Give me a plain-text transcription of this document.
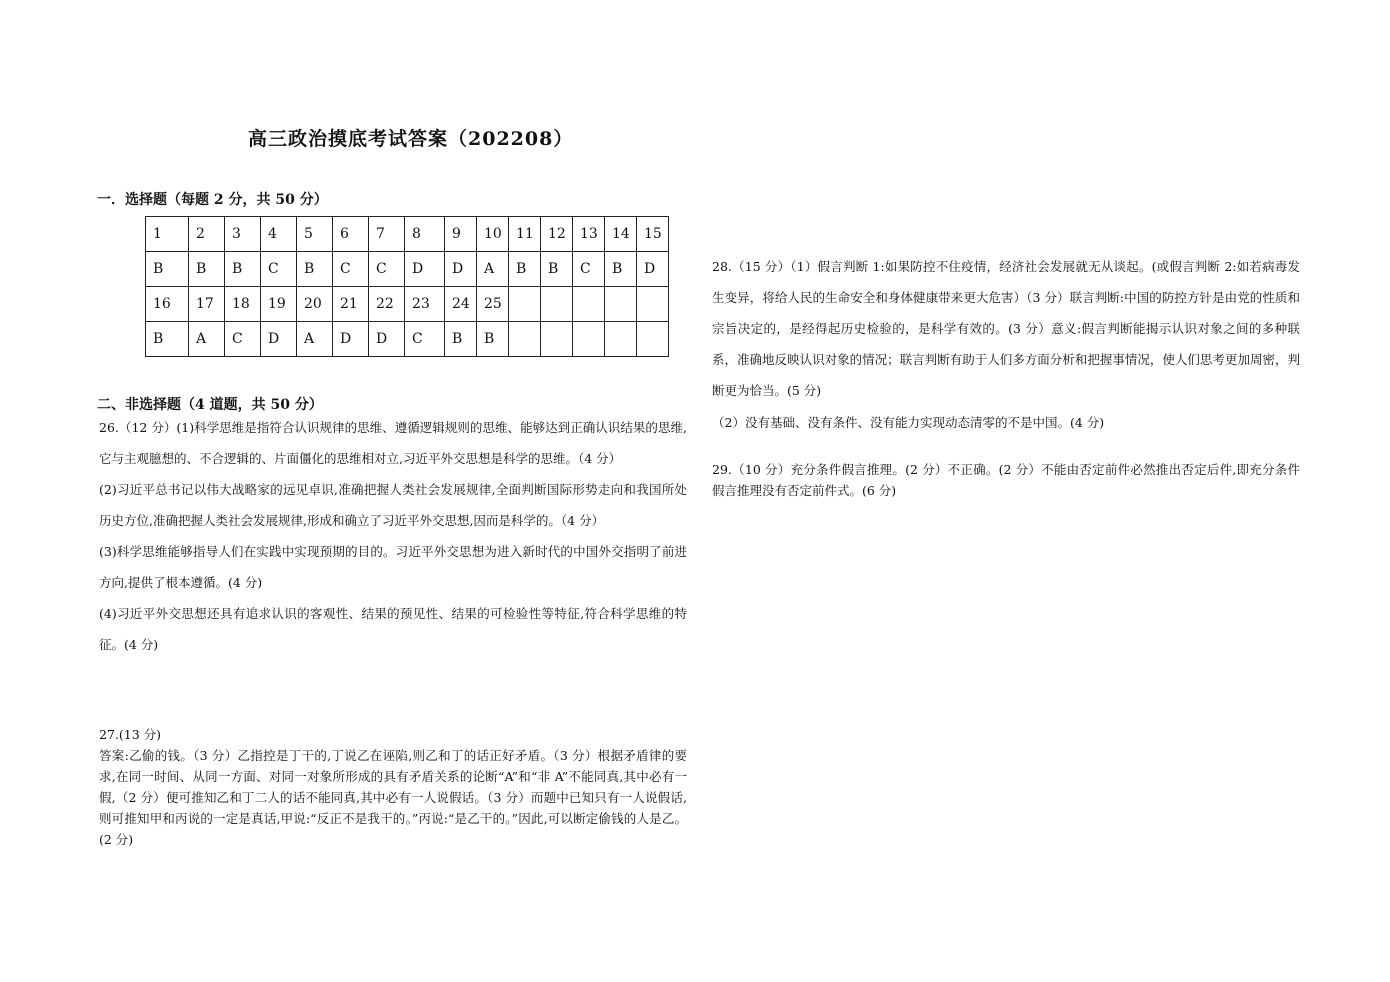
高三政治摸底考试答案（202208）
一．选择题（每题 2 分，共 50 分）
1	2	3	4	5	6	7	8	9	10	11	12	13	14	15
B	B	B	C	B	C	C	D	D	A	B	B	C	B	D
16	17	18	19	20	21	22	23	24	25					
B	A	C	D	A	D	D	C	B	B					
二、非选择题（4 道题，共 50 分）
26.（12 分）(1)科学思维是指符合认识规律的思维、遵循逻辑规则的思维、能够达到正确认识结果的思维,它与主观臆想的、不合逻辑的、片面僵化的思维相对立,习近平外交思想是科学的思维。（4 分）
(2)习近平总书记以伟大战略家的远见卓识,准确把握人类社会发展规律,全面判断国际形势走向和我国所处历史方位,准确把握人类社会发展规律,形成和确立了习近平外交思想,因而是科学的。（4 分）
(3)科学思维能够指导人们在实践中实现预期的目的。习近平外交思想为进入新时代的中国外交指明了前进方向,提供了根本遵循。(4 分)
(4)习近平外交思想还具有追求认识的客观性、结果的预见性、结果的可检验性等特征,符合科学思维的特征。(4 分)
27.(13 分)
答案:乙偷的钱。（3 分）乙指控是丁干的,丁说乙在诬陷,则乙和丁的话正好矛盾。（3 分）根据矛盾律的要求,在同一时间、从同一方面、对同一对象所形成的具有矛盾关系的论断“A”和“非 A”不能同真,其中必有一假,（2 分）便可推知乙和丁二人的话不能同真,其中必有一人说假话。（3 分）而题中已知只有一人说假话,则可推知甲和丙说的一定是真话,甲说:“反正不是我干的。”丙说:“是乙干的。”因此,可以断定偷钱的人是乙。(2 分)
28.（15 分）（1）假言判断 1:如果防控不住疫情，经济社会发展就无从谈起。(或假言判断 2:如若病毒发生变异，将给人民的生命安全和身体健康带来更大危害）（3 分）联言判断:中国的防控方针是由党的性质和宗旨决定的，是经得起历史检验的，是科学有效的。(3 分）意义:假言判断能揭示认识对象之间的多种联系，准确地反映认识对象的情况；联言判断有助于人们多方面分析和把握事情况，使人们思考更加周密，判断更为恰当。(5 分)
（2）没有基础、没有条件、没有能力实现动态清零的不是中国。(4 分)
29.（10 分）充分条件假言推理。(2 分）不正确。(2 分）不能由否定前件必然推出否定后件,即充分条件假言推理没有否定前件式。(6 分)
